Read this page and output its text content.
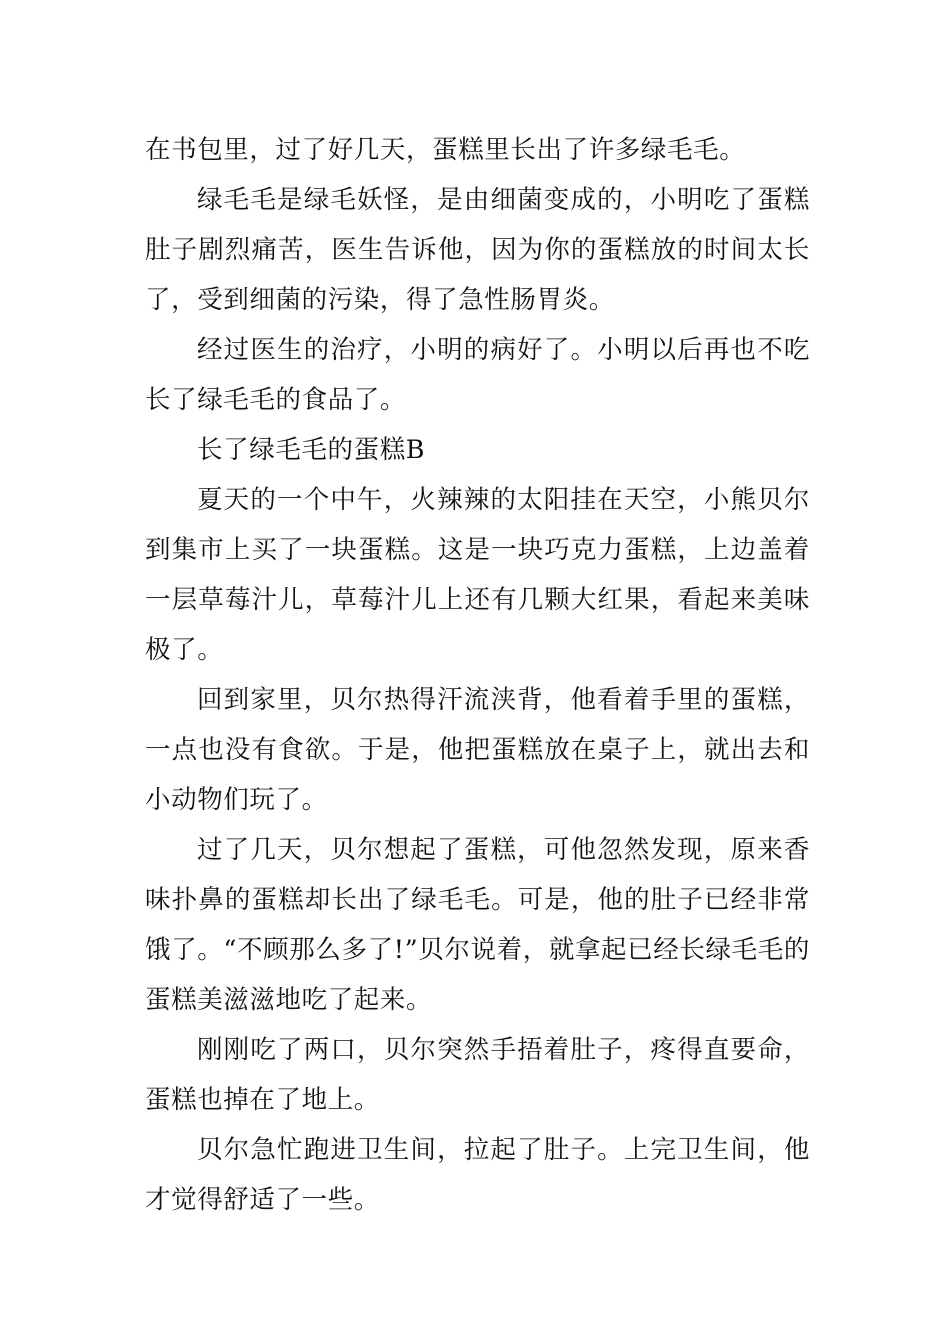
在书包里，过了好几天，蛋糕里长出了许多绿毛毛。

绿毛毛是绿毛妖怪，是由细菌变成的，小明吃了蛋糕肚子剧烈痛苦，医生告诉他，因为你的蛋糕放的时间太长了，受到细菌的污染，得了急性肠胃炎。

经过医生的治疗，小明的病好了。小明以后再也不吃长了绿毛毛的食品了。

长了绿毛毛的蛋糕B

夏天的一个中午，火辣辣的太阳挂在天空，小熊贝尔到集市上买了一块蛋糕。这是一块巧克力蛋糕，上边盖着一层草莓汁儿，草莓汁儿上还有几颗大红果，看起来美味极了。

回到家里，贝尔热得汗流浃背，他看着手里的蛋糕，一点也没有食欲。于是，他把蛋糕放在桌子上，就出去和小动物们玩了。

过了几天，贝尔想起了蛋糕，可他忽然发现，原来香味扑鼻的蛋糕却长出了绿毛毛。可是，他的肚子已经非常饿了。“不顾那么多了!”贝尔说着，就拿起已经长绿毛毛的蛋糕美滋滋地吃了起来。

刚刚吃了两口，贝尔突然手捂着肚子，疼得直要命，蛋糕也掉在了地上。

贝尔急忙跑进卫生间，拉起了肚子。上完卫生间，他才觉得舒适了一些。
